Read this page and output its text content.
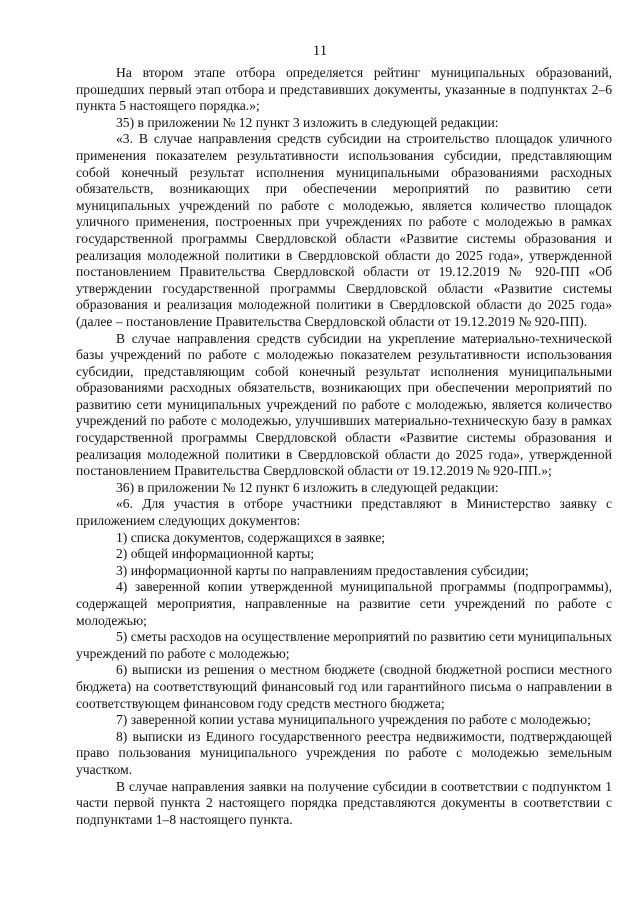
11

На втором этапе отбора определяется рейтинг муниципальных образований, прошедших первый этап отбора и представивших документы, указанные в подпунктах 2–6 пункта 5 настоящего порядка.»;

35) в приложении № 12 пункт 3 изложить в следующей редакции:

«3. В случае направления средств субсидии на строительство площадок уличного применения показателем результативности использования субсидии, представляющим собой конечный результат исполнения муниципальными образованиями расходных обязательств, возникающих при обеспечении мероприятий по развитию сети муниципальных учреждений по работе с молодежью, является количество площадок уличного применения, построенных при учреждениях по работе с молодежью в рамках государственной программы Свердловской области «Развитие системы образования и реализация молодежной политики в Свердловской области до 2025 года», утвержденной постановлением Правительства Свердловской области от 19.12.2019 № 920-ПП «Об утверждении государственной программы Свердловской области «Развитие системы образования и реализация молодежной политики в Свердловской области до 2025 года» (далее – постановление Правительства Свердловской области от 19.12.2019 № 920-ПП).

В случае направления средств субсидии на укрепление материально-технической базы учреждений по работе с молодежью показателем результативности использования субсидии, представляющим собой конечный результат исполнения муниципальными образованиями расходных обязательств, возникающих при обеспечении мероприятий по развитию сети муниципальных учреждений по работе с молодежью, является количество учреждений по работе с молодежью, улучшивших материально-техническую базу в рамках государственной программы Свердловской области «Развитие системы образования и реализация молодежной политики в Свердловской области до 2025 года», утвержденной постановлением Правительства Свердловской области от 19.12.2019 № 920-ПП.»;

36) в приложении № 12 пункт 6 изложить в следующей редакции:

«6. Для участия в отборе участники представляют в Министерство заявку с приложением следующих документов:

1) списка документов, содержащихся в заявке;

2) общей информационной карты;

3) информационной карты по направлениям предоставления субсидии;

4) заверенной копии утвержденной муниципальной программы (подпрограммы), содержащей мероприятия, направленные на развитие сети учреждений по работе с молодежью;

5) сметы расходов на осуществление мероприятий по развитию сети муниципальных учреждений по работе с молодежью;

6) выписки из решения о местном бюджете (сводной бюджетной росписи местного бюджета) на соответствующий финансовый год или гарантийного письма о направлении в соответствующем финансовом году средств местного бюджета;

7) заверенной копии устава муниципального учреждения по работе с молодежью;

8) выписки из Единого государственного реестра недвижимости, подтверждающей право пользования муниципального учреждения по работе с молодежью земельным участком.

В случае направления заявки на получение субсидии в соответствии с подпунктом 1 части первой пункта 2 настоящего порядка представляются документы в соответствии с подпунктами 1–8 настоящего пункта.
